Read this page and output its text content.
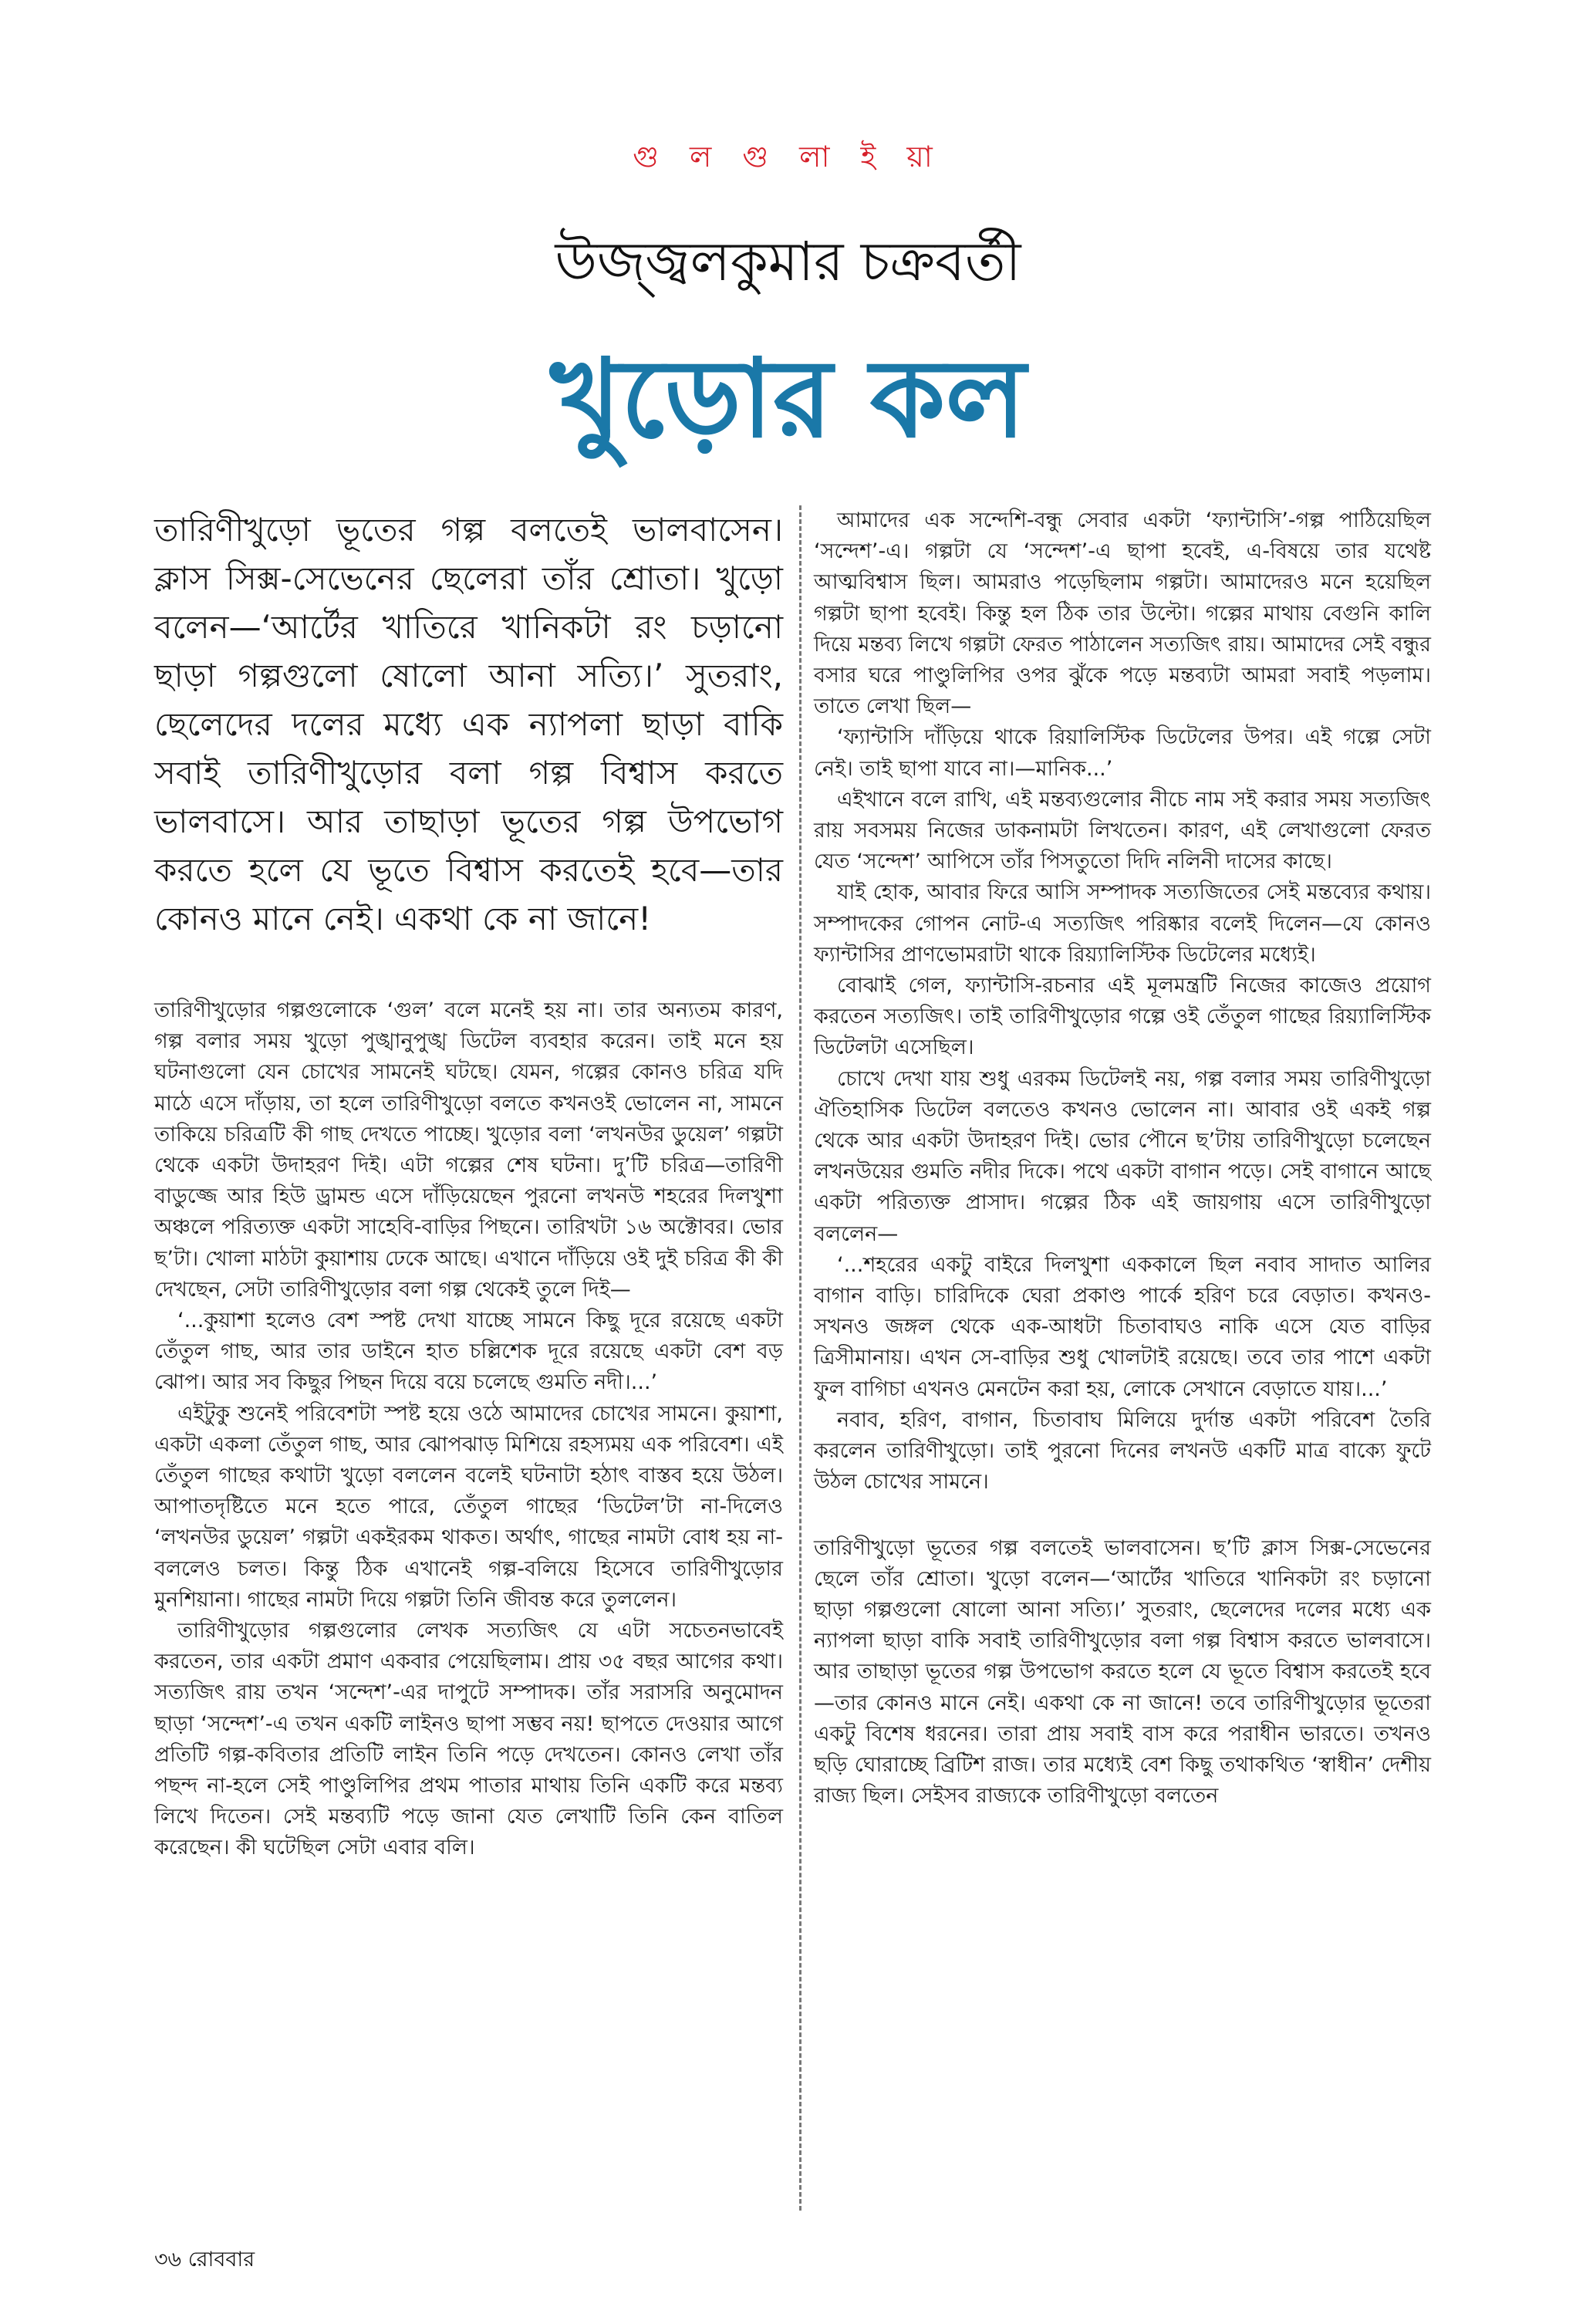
গু ল গু লা ই য়া
উজ্জ্বলকুমার চক্রবর্তী
খুড়োর কল

তারিণীখুড়ো ভূতের গল্প বলতেই ভালবাসেন। ক্লাস সিক্স-সেভেনের ছেলেরা তাঁর শ্রোতা। খুড়ো বলেন—‘আর্টের খাতিরে খানিকটা রং চড়ানো ছাড়া গল্পগুলো ষোলো আনা সত্যি।’ সুতরাং, ছেলেদের দলের মধ্যে এক ন্যাপলা ছাড়া বাকি সবাই তারিণীখুড়োর বলা গল্প বিশ্বাস করতে ভালবাসে। আর তাছাড়া ভূতের গল্প উপভোগ করতে হলে যে ভূতে বিশ্বাস করতেই হবে—তার কোনও মানে নেই। একথা কে না জানে!

তারিণীখুড়োর গল্পগুলোকে ‘গুল’ বলে মনেই হয় না। তার অন্যতম কারণ, গল্প বলার সময় খুড়ো পুঙ্খানুপুঙ্খ ডিটেল ব্যবহার করেন। তাই মনে হয় ঘটনাগুলো যেন চোখের সামনেই ঘটছে। যেমন, গল্পের কোনও চরিত্র যদি মাঠে এসে দাঁড়ায়, তা হলে তারিণীখুড়ো বলতে কখনওই ভোলেন না, সামনে তাকিয়ে চরিত্রটি কী গাছ দেখতে পাচ্ছে। খুড়োর বলা ‘লখনউর ডুয়েল’ গল্পটা থেকে একটা উদাহরণ দিই। এটা গল্পের শেষ ঘটনা। দু’টি চরিত্র—তারিণী বাডুজ্জে আর হিউ ড্রামন্ড এসে দাঁড়িয়েছেন পুরনো লখনউ শহরের দিলখুশা অঞ্চলে পরিত্যক্ত একটা সাহেবি-বাড়ির পিছনে। তারিখটা ১৬ অক্টোবর। ভোর ছ’টা। খোলা মাঠটা কুয়াশায় ঢেকে আছে। এখানে দাঁড়িয়ে ওই দুই চরিত্র কী কী দেখছেন, সেটা তারিণীখুড়োর বলা গল্প থেকেই তুলে দিই—

‘...কুয়াশা হলেও বেশ স্পষ্ট দেখা যাচ্ছে সামনে কিছু দূরে রয়েছে একটা তেঁতুল গাছ, আর তার ডাইনে হাত চল্লিশেক দূরে রয়েছে একটা বেশ বড় ঝোপ। আর সব কিছুর পিছন দিয়ে বয়ে চলেছে গুমতি নদী।...’

এইটুকু শুনেই পরিবেশটা স্পষ্ট হয়ে ওঠে আমাদের চোখের সামনে। কুয়াশা, একটা একলা তেঁতুল গাছ, আর ঝোপঝাড় মিশিয়ে রহস্যময় এক পরিবেশ। এই তেঁতুল গাছের কথাটা খুড়ো বললেন বলেই ঘটনাটা হঠাৎ বাস্তব হয়ে উঠল। আপাতদৃষ্টিতে মনে হতে পারে, তেঁতুল গাছের ‘ডিটেল’টা না-দিলেও ‘লখনউর ডুয়েল’ গল্পটা একইরকম থাকত। অর্থাৎ, গাছের নামটা বোধ হয় না-বললেও চলত। কিন্তু ঠিক এখানেই গল্প-বলিয়ে হিসেবে তারিণীখুড়োর মুনশিয়ানা। গাছের নামটা দিয়ে গল্পটা তিনি জীবন্ত করে তুললেন।

তারিণীখুড়োর গল্পগুলোর লেখক সত্যজিৎ যে এটা সচেতনভাবেই করতেন, তার একটা প্রমাণ একবার পেয়েছিলাম। প্রায় ৩৫ বছর আগের কথা। সত্যজিৎ রায় তখন ‘সন্দেশ’-এর দাপুটে সম্পাদক। তাঁর সরাসরি অনুমোদন ছাড়া ‘সন্দেশ’-এ তখন একটি লাইনও ছাপা সম্ভব নয়! ছাপতে দেওয়ার আগে প্রতিটি গল্প-কবিতার প্রতিটি লাইন তিনি পড়ে দেখতেন। কোনও লেখা তাঁর পছন্দ না-হলে সেই পাণ্ডুলিপির প্রথম পাতার মাথায় তিনি একটি করে মন্তব্য লিখে দিতেন। সেই মন্তব্যটি পড়ে জানা যেত লেখাটি তিনি কেন বাতিল করেছেন। কী ঘটেছিল সেটা এবার বলি।

আমাদের এক সন্দেশি-বন্ধু সেবার একটা ‘ফ্যান্টাসি’-গল্প পাঠিয়েছিল ‘সন্দেশ’-এ। গল্পটা যে ‘সন্দেশ’-এ ছাপা হবেই, এ-বিষয়ে তার যথেষ্ট আত্মবিশ্বাস ছিল। আমরাও পড়েছিলাম গল্পটা। আমাদেরও মনে হয়েছিল গল্পটা ছাপা হবেই। কিন্তু হল ঠিক তার উল্টো। গল্পের মাথায় বেগুনি কালি দিয়ে মন্তব্য লিখে গল্পটা ফেরত পাঠালেন সত্যজিৎ রায়। আমাদের সেই বন্ধুর বসার ঘরে পাণ্ডুলিপির ওপর ঝুঁকে পড়ে মন্তব্যটা আমরা সবাই পড়লাম। তাতে লেখা ছিল—

‘ফ্যান্টাসি দাঁড়িয়ে থাকে রিয়ালিস্টিক ডিটেলের উপর। এই গল্পে সেটা নেই। তাই ছাপা যাবে না।—মানিক...’

এইখানে বলে রাখি, এই মন্তব্যগুলোর নীচে নাম সই করার সময় সত্যজিৎ রায় সবসময় নিজের ডাকনামটা লিখতেন। কারণ, এই লেখাগুলো ফেরত যেত ‘সন্দেশ’ আপিসে তাঁর পিসতুতো দিদি নলিনী দাসের কাছে।

যাই হোক, আবার ফিরে আসি সম্পাদক সত্যজিতের সেই মন্তব্যের কথায়। সম্পাদকের গোপন নোট-এ সত্যজিৎ পরিষ্কার বলেই দিলেন—যে কোনও ফ্যান্টাসির প্রাণভোমরাটা থাকে রিয়্যালিস্টিক ডিটেলের মধ্যেই।

বোঝাই গেল, ফ্যান্টাসি-রচনার এই মূলমন্ত্রটি নিজের কাজেও প্রয়োগ করতেন সত্যজিৎ। তাই তারিণীখুড়োর গল্পে ওই তেঁতুল গাছের রিয়্যালিস্টিক ডিটেলটা এসেছিল।

চোখে দেখা যায় শুধু এরকম ডিটেলই নয়, গল্প বলার সময় তারিণীখুড়ো ঐতিহাসিক ডিটেল বলতেও কখনও ভোলেন না। আবার ওই একই গল্প থেকে আর একটা উদাহরণ দিই। ভোর পৌনে ছ’টায় তারিণীখুড়ো চলেছেন লখনউয়ের গুমতি নদীর দিকে। পথে একটা বাগান পড়ে। সেই বাগানে আছে একটা পরিত্যক্ত প্রাসাদ। গল্পের ঠিক এই জায়গায় এসে তারিণীখুড়ো বললেন—

‘...শহরের একটু বাইরে দিলখুশা এককালে ছিল নবাব সাদাত আলির বাগান বাড়ি। চারিদিকে ঘেরা প্রকাণ্ড পার্কে হরিণ চরে বেড়াত। কখনও-সখনও জঙ্গল থেকে এক-আধটা চিতাবাঘও নাকি এসে যেত বাড়ির ত্রিসীমানায়। এখন সে-বাড়ির শুধু খোলটাই রয়েছে। তবে তার পাশে একটা ফুল বাগিচা এখনও মেনটেন করা হয়, লোকে সেখানে বেড়াতে যায়।...’

নবাব, হরিণ, বাগান, চিতাবাঘ মিলিয়ে দুর্দান্ত একটা পরিবেশ তৈরি করলেন তারিণীখুড়ো। তাই পুরনো দিনের লখনউ একটি মাত্র বাক্যে ফুটে উঠল চোখের সামনে।

তারিণীখুড়ো ভূতের গল্প বলতেই ভালবাসেন। ছ’টি ক্লাস সিক্স-সেভেনের ছেলে তাঁর শ্রোতা। খুড়ো বলেন—‘আর্টের খাতিরে খানিকটা রং চড়ানো ছাড়া গল্পগুলো ষোলো আনা সত্যি।’ সুতরাং, ছেলেদের দলের মধ্যে এক ন্যাপলা ছাড়া বাকি সবাই তারিণীখুড়োর বলা গল্প বিশ্বাস করতে ভালবাসে। আর তাছাড়া ভূতের গল্প উপভোগ করতে হলে যে ভূতে বিশ্বাস করতেই হবে—তার কোনও মানে নেই। একথা কে না জানে! তবে তারিণীখুড়োর ভূতেরা একটু বিশেষ ধরনের। তারা প্রায় সবাই বাস করে পরাধীন ভারতে। তখনও ছড়ি ঘোরাচ্ছে ব্রিটিশ রাজ। তার মধ্যেই বেশ কিছু তথাকথিত ‘স্বাধীন’ দেশীয় রাজ্য ছিল। সেইসব রাজ্যকে তারিণীখুড়ো বলতেন

৩৬ রোববার
